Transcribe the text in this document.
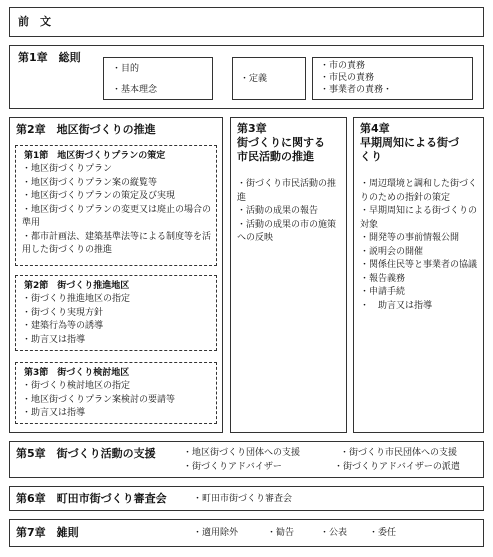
前　文
第1章　総則
・目的
・基本理念
・定義
・市の責務
・市民の責務
・事業者の責務・
第2章　地区街づくりの推進
第1節　地区街づくりプランの策定
・地区街づくりプラン
・地区街づくりプラン案の縦覧等
・地区街づくりプランの策定及び実現
・地区街づくりプランの変更又は廃止の場合の準用
・都市計画法、建築基準法等による制度等を活用した街づくりの推進
第2節　街づくり推進地区
・街づくり推進地区の指定
・街づくり実現方針
・建築行為等の誘導
・助言又は指導
第3節　街づくり検討地区
・街づくり検討地区の指定
・地区街づくりプラン案検討の要請等
・助言又は指導
第3章
街づくりに関する
市民活動の推進
・街づくり市民活動の推進
・活動の成果の報告
・活動の成果の市の施策への反映
第4章
早期周知による街づ
くり
・周辺環境と調和した街づくりのための指針の策定
・早期周知による街づくりの対象
・開発等の事前情報公開
・説明会の開催
・関係住民等と事業者の協議
・報告義務
・申請手続
・　助言又は指導
第5章　街づくり活動の支援	・地区街づくり団体への支援	・街づくり市民団体への支援
・街づくりアドバイザー	・街づくりアドバイザーの派遣
第6章　町田市街づくり審査会	・町田市街づくり審査会
第7章　雑則	・適用除外	・勧告	・公表 ・委任
